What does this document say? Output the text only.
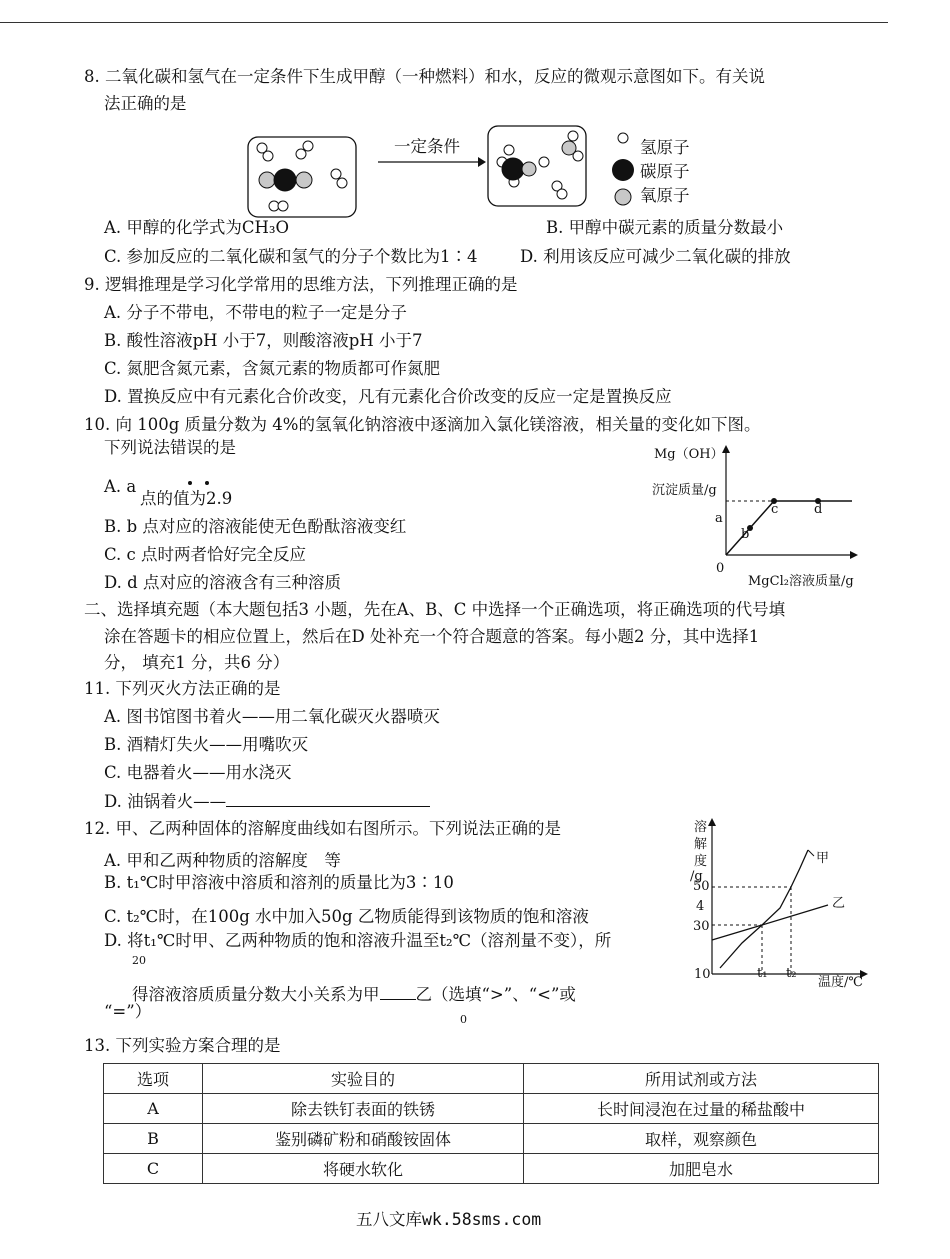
8. 二氧化碳和氢气在一定条件下生成甲醇（一种燃料）和水，反应的微观示意图如下。有关说
法正确的是
一定条件	氢原子
碳原子
氧原子
A. 甲醇的化学式为CH₃O	B. 甲醇中碳元素的质量分数最小
C. 参加反应的二氧化碳和氢气的分子个数比为1∶4	D. 利用该反应可减少二氧化碳的排放
9. 逻辑推理是学习化学常用的思维方法，下列推理正确的是
A. 分子不带电，不带电的粒子一定是分子
B. 酸性溶液pH 小于7，则酸溶液pH 小于7
C. 氮肥含氮元素，含氮元素的物质都可作氮肥
D. 置换反应中有元素化合价改变，凡有元素化合价改变的反应一定是置换反应
10. 向 100g 质量分数为 4%的氢氧化钠溶液中逐滴加入氯化镁溶液，相关量的变化如下图。
下列说法错误的是
A. a
点的值为2.9
B. b 点对应的溶液能使无色酚酞溶液变红
C. c 点时两者恰好完全反应
D. d 点对应的溶液含有三种溶质
Mg（OH）
沉淀质量/g
a
b
c	d
0
MgCl₂溶液质量/g
二、选择填充题（本大题包括3 小题，先在A、B、C 中选择一个正确选项，将正确选项的代号填
涂在答题卡的相应位置上，然后在D 处补充一个符合题意的答案。每小题2 分，其中选择1
分， 填充1 分，共6 分）
11. 下列灭火方法正确的是
A. 图书馆图书着火——用二氧化碳灭火器喷灭
B. 酒精灯失火——用嘴吹灭
C. 电器着火——用水浇灭
D. 油锅着火——
12. 甲、乙两种固体的溶解度曲线如右图所示。下列说法正确的是
A. 甲和乙两种物质的溶解度　等
B. t₁℃时甲溶液中溶质和溶剂的质量比为3∶10
C. t₂℃时，在100g 水中加入50g 乙物质能得到该物质的饱和溶液
D. 将t₁℃时甲、乙两种物质的饱和溶液升温至t₂℃（溶剂量不变），所
20
得溶液溶质质量分数大小关系为甲 乙（选填“>”、“<”或
0
“=”）
溶
解
度
/g
50
4
30
10	t₁ t₂
温度/℃
甲
乙
13. 下列实验方案合理的是
选项	实验目的	所用试剂或方法
A	除去铁钉表面的铁锈	长时间浸泡在过量的稀盐酸中
B	鉴别磷矿粉和硝酸铵固体	取样，观察颜色
C	将硬水软化	加肥皂水
五八文库wk.58sms.com
